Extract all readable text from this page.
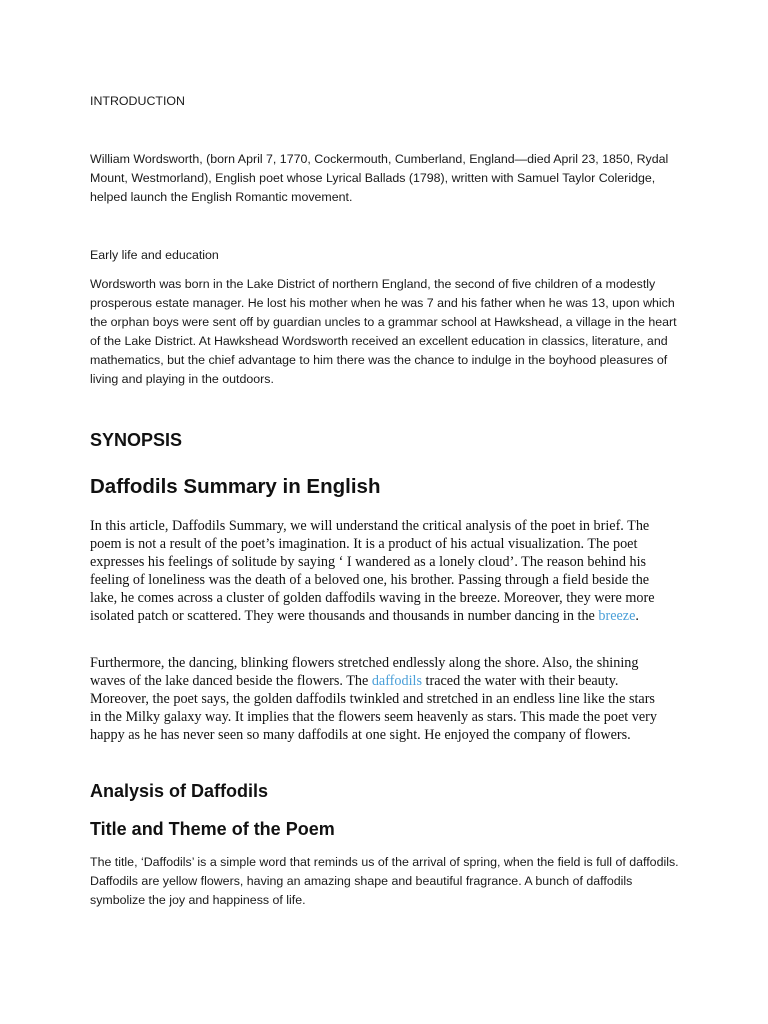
INTRODUCTION

William Wordsworth, (born April 7, 1770, Cockermouth, Cumberland, England—died April 23, 1850, Rydal Mount, Westmorland), English poet whose Lyrical Ballads (1798), written with Samuel Taylor Coleridge, helped launch the English Romantic movement.

Early life and education

Wordsworth was born in the Lake District of northern England, the second of five children of a modestly prosperous estate manager. He lost his mother when he was 7 and his father when he was 13, upon which the orphan boys were sent off by guardian uncles to a grammar school at Hawkshead, a village in the heart of the Lake District. At Hawkshead Wordsworth received an excellent education in classics, literature, and mathematics, but the chief advantage to him there was the chance to indulge in the boyhood pleasures of living and playing in the outdoors.

SYNOPSIS
Daffodils Summary in English

In this article, Daffodils Summary, we will understand the critical analysis of the poet in brief. The poem is not a result of the poet’s imagination. It is a product of his actual visualization. The poet expresses his feelings of solitude by saying ‘ I wandered as a lonely cloud’. The reason behind his feeling of loneliness was the death of a beloved one, his brother. Passing through a field beside the lake, he comes across a cluster of golden daffodils waving in the breeze. Moreover, they were more isolated patch or scattered. They were thousands and thousands in number dancing in the breeze.

Furthermore, the dancing, blinking flowers stretched endlessly along the shore. Also, the shining waves of the lake danced beside the flowers. The daffodils traced the water with their beauty. Moreover, the poet says, the golden daffodils twinkled and stretched in an endless line like the stars in the Milky galaxy way. It implies that the flowers seem heavenly as stars. This made the poet very happy as he has never seen so many daffodils at one sight. He enjoyed the company of flowers.

Analysis of Daffodils
Title and Theme of the Poem

The title, ‘Daffodils’ is a simple word that reminds us of the arrival of spring, when the field is full of daffodils. Daffodils are yellow flowers, having an amazing shape and beautiful fragrance. A bunch of daffodils symbolize the joy and happiness of life.
